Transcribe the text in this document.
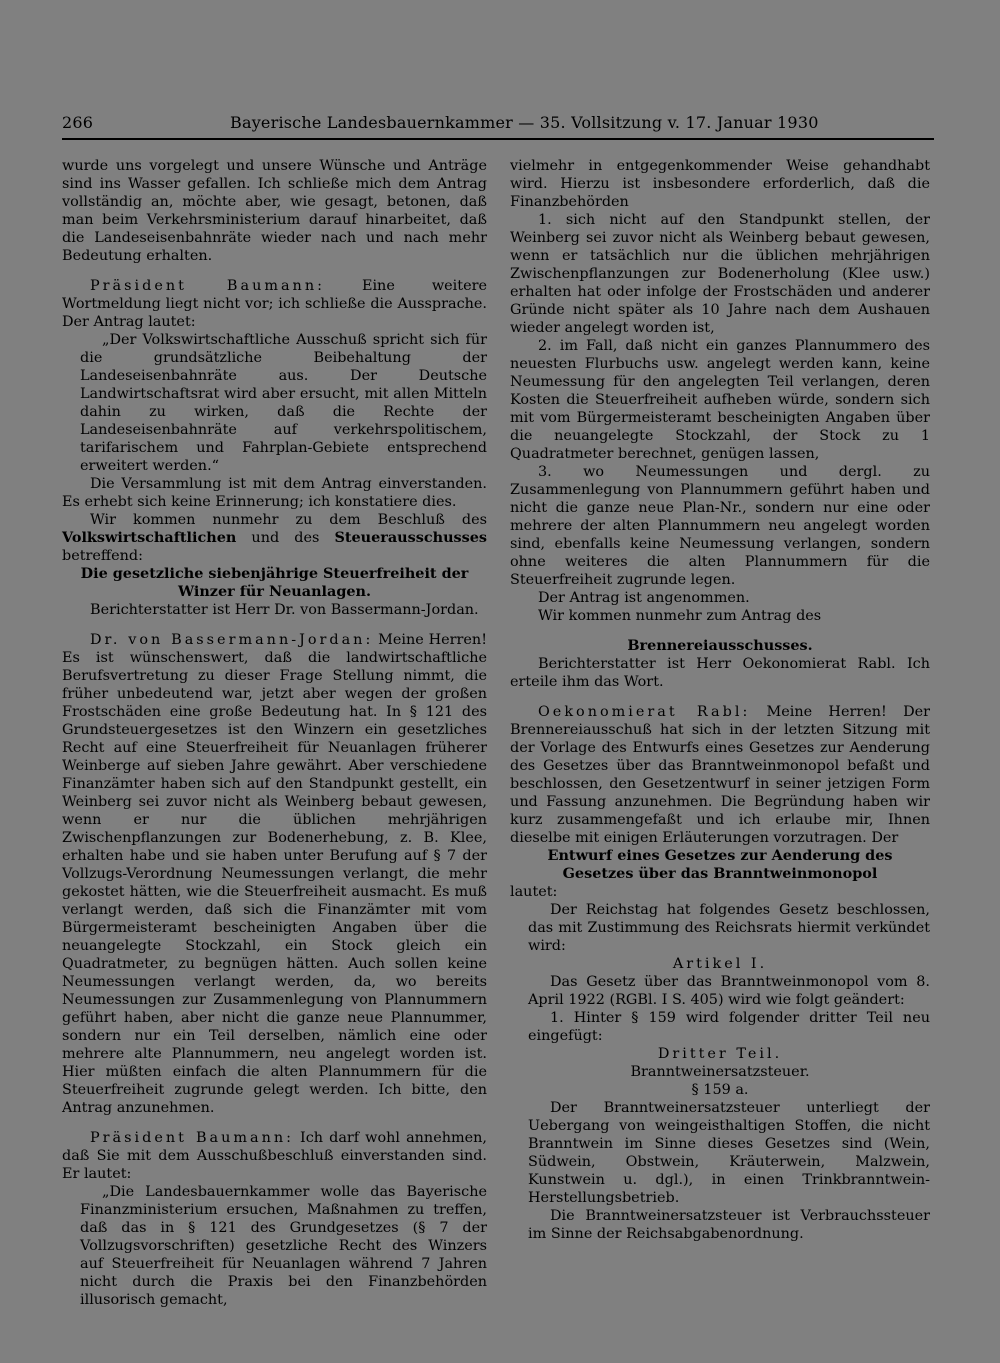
266	Bayerische Landesbauernkammer — 35. Vollsitzung v. 17. Januar 1930

wurde uns vorgelegt und unsere Wünsche und Anträge sind ins Wasser gefallen. Ich schließe mich dem Antrag vollständig an, möchte aber, wie gesagt, betonen, daß man beim Verkehrsministerium darauf hinarbeitet, daß die Landeseisenbahnräte wieder nach und nach mehr Bedeutung erhalten.

Präsident Baumann: Eine weitere Wortmeldung liegt nicht vor; ich schließe die Aussprache. Der Antrag lautet:

„Der Volkswirtschaftliche Ausschuß spricht sich für die grundsätzliche Beibehaltung der Landeseisenbahnräte aus. Der Deutsche Landwirtschaftsrat wird aber ersucht, mit allen Mitteln dahin zu wirken, daß die Rechte der Landeseisenbahnräte auf verkehrspolitischem, tarifarischem und Fahrplan-Gebiete entsprechend erweitert werden.“

Die Versammlung ist mit dem Antrag einverstanden. Es erhebt sich keine Erinnerung; ich konstatiere dies.

Wir kommen nunmehr zu dem Beschluß des Volkswirtschaftlichen und des Steuerausschusses betreffend:

Die gesetzliche siebenjährige Steuerfreiheit der Winzer für Neuanlagen.

Berichterstatter ist Herr Dr. von Bassermann-Jordan.

Dr. von Bassermann-Jordan: Meine Herren! Es ist wünschenswert, daß die landwirtschaftliche Berufsvertretung zu dieser Frage Stellung nimmt, die früher unbedeutend war, jetzt aber wegen der großen Frostschäden eine große Bedeutung hat. In § 121 des Grundsteuergesetzes ist den Winzern ein gesetzliches Recht auf eine Steuerfreiheit für Neuanlagen früherer Weinberge auf sieben Jahre gewährt. Aber verschiedene Finanzämter haben sich auf den Standpunkt gestellt, ein Weinberg sei zuvor nicht als Weinberg bebaut gewesen, wenn er nur die üblichen mehrjährigen Zwischenpflanzungen zur Bodenerhebung, z. B. Klee, erhalten habe und sie haben unter Berufung auf § 7 der Vollzugs-Verordnung Neumessungen verlangt, die mehr gekostet hätten, wie die Steuerfreiheit ausmacht. Es muß verlangt werden, daß sich die Finanzämter mit vom Bürgermeisteramt bescheinigten Angaben über die neuangelegte Stockzahl, ein Stock gleich ein Quadratmeter, zu begnügen hätten. Auch sollen keine Neumessungen verlangt werden, da, wo bereits Neumessungen zur Zusammenlegung von Plannummern geführt haben, aber nicht die ganze neue Plannummer, sondern nur ein Teil derselben, nämlich eine oder mehrere alte Plannummern, neu angelegt worden ist. Hier müßten einfach die alten Plannummern für die Steuerfreiheit zugrunde gelegt werden. Ich bitte, den Antrag anzunehmen.

Präsident Baumann: Ich darf wohl annehmen, daß Sie mit dem Ausschußbeschluß einverstanden sind. Er lautet:

„Die Landesbauernkammer wolle das Bayerische Finanzministerium ersuchen, Maßnahmen zu treffen, daß das in § 121 des Grundgesetzes (§ 7 der Vollzugsvorschriften) gesetzliche Recht des Winzers auf Steuerfreiheit für Neuanlagen während 7 Jahren nicht durch die Praxis bei den Finanzbehörden illusorisch gemacht,

vielmehr in entgegenkommender Weise gehandhabt wird. Hierzu ist insbesondere erforderlich, daß die Finanzbehörden

1. sich nicht auf den Standpunkt stellen, der Weinberg sei zuvor nicht als Weinberg bebaut gewesen, wenn er tatsächlich nur die üblichen mehrjährigen Zwischenpflanzungen zur Bodenerholung (Klee usw.) erhalten hat oder infolge der Frostschäden und anderer Gründe nicht später als 10 Jahre nach dem Aushauen wieder angelegt worden ist,

2. im Fall, daß nicht ein ganzes Plannummero des neuesten Flurbuchs usw. angelegt werden kann, keine Neumessung für den angelegten Teil verlangen, deren Kosten die Steuerfreiheit aufheben würde, sondern sich mit vom Bürgermeisteramt bescheinigten Angaben über die neuangelegte Stockzahl, der Stock zu 1 Quadratmeter berechnet, genügen lassen,

3. wo Neumessungen und dergl. zu Zusammenlegung von Plannummern geführt haben und nicht die ganze neue Plan-Nr., sondern nur eine oder mehrere der alten Plannummern neu angelegt worden sind, ebenfalls keine Neumessung verlangen, sondern ohne weiteres die alten Plannummern für die Steuerfreiheit zugrunde legen.

Der Antrag ist angenommen.

Wir kommen nunmehr zum Antrag des

Brennereiausschusses.

Berichterstatter ist Herr Oekonomierat Rabl. Ich erteile ihm das Wort.

Oekonomierat Rabl: Meine Herren! Der Brennereiausschuß hat sich in der letzten Sitzung mit der Vorlage des Entwurfs eines Gesetzes zur Aenderung des Gesetzes über das Branntweinmonopol befaßt und beschlossen, den Gesetzentwurf in seiner jetzigen Form und Fassung anzunehmen. Die Begründung haben wir kurz zusammengefaßt und ich erlaube mir, Ihnen dieselbe mit einigen Erläuterungen vorzutragen. Der

Entwurf eines Gesetzes zur Aenderung des Gesetzes über das Branntweinmonopol

lautet:

Der Reichstag hat folgendes Gesetz beschlossen, das mit Zustimmung des Reichsrats hiermit verkündet wird:

Artikel I.

Das Gesetz über das Branntweinmonopol vom 8. April 1922 (RGBl. I S. 405) wird wie folgt geändert:

1. Hinter § 159 wird folgender dritter Teil neu eingefügt:

Dritter Teil.

Branntweinersatzsteuer.

§ 159 a.

Der Branntweinersatzsteuer unterliegt der Uebergang von weingeisthaltigen Stoffen, die nicht Branntwein im Sinne dieses Gesetzes sind (Wein, Südwein, Obstwein, Kräuterwein, Malzwein, Kunstwein u. dgl.), in einen Trinkbranntwein-Herstellungsbetrieb.

Die Branntweinersatzsteuer ist Verbrauchssteuer im Sinne der Reichsabgabenordnung.
